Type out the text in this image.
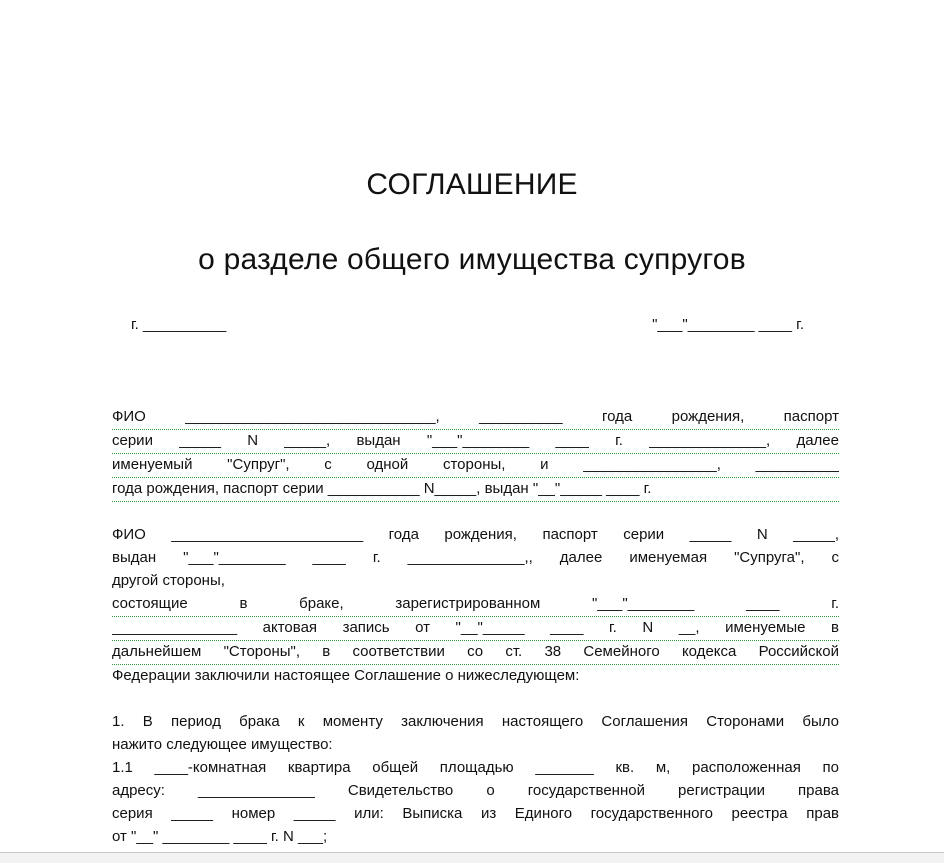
СОГЛАШЕНИЕ
о разделе общего имущества супругов
г. __________	"___"________ ____ г.
ФИО ______________________________, __________ года рождения, паспорт
серии _____ N _____, выдан "___"________ ____ г. ______________, далее
именуемый "Супруг", с одной стороны, и ________________, __________
года рождения, паспорт серии ___________ N_____, выдан "__"_____ ____ г.
ФИО _______________________ года рождения, паспорт серии _____ N _____,
выдан "___"________ ____ г. ______________,, далее именуемая "Супруга", с
другой стороны,
состоящие в браке, зарегистрированном "___"________ ____ г.
_______________ актовая запись от "__"_____ ____ г. N __, именуемые в
дальнейшем "Стороны", в соответствии со ст. 38 Семейного кодекса Российской
Федерации заключили настоящее Соглашение о нижеследующем:
1. В период брака к моменту заключения настоящего Соглашения Сторонами было
нажито следующее имущество:
1.1 ____-комнатная квартира общей площадью _______ кв. м, расположенная по
адресу: ______________ Свидетельство о государственной регистрации права
серия _____ номер _____ или: Выписка из Единого государственного реестра прав
от "__" ________ ____ г. N ___;
